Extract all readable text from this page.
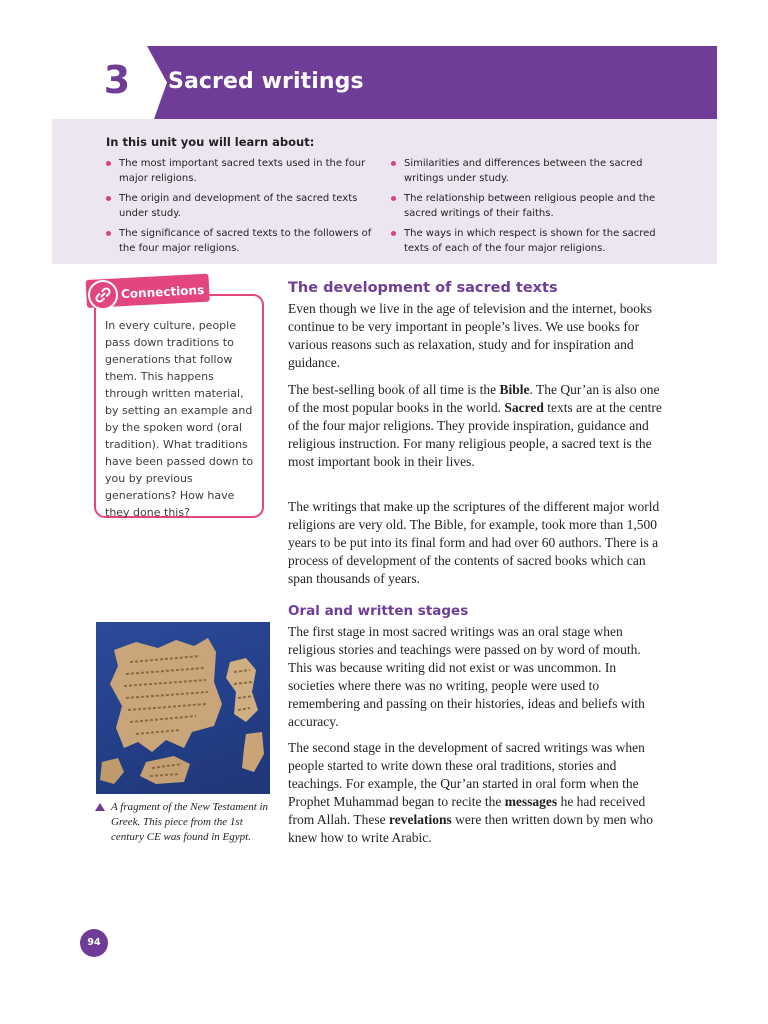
3	Sacred writings
In this unit you will learn about:
The most important sacred texts used in the four major religions.
The origin and development of the sacred texts under study.
The significance of sacred texts to the followers of the four major religions.
Similarities and differences between the sacred writings under study.
The relationship between religious people and the sacred writings of their faiths.
The ways in which respect is shown for the sacred texts of each of the four major religions.
Connections
In every culture, people pass down traditions to generations that follow them. This happens through written material, by setting an example and by the spoken word (oral tradition). What traditions have been passed down to you by previous generations? How have they done this?
The development of sacred texts

Even though we live in the age of television and the internet, books continue to be very important in people’s lives. We use books for various reasons such as relaxation, study and for inspiration and guidance.

The best-selling book of all time is the Bible. The Qur’an is also one of the most popular books in the world. Sacred texts are at the centre of the four major religions. They provide inspiration, guidance and religious instruction. For many religious people, a sacred text is the most important book in their lives.

The writings that make up the scriptures of the different major world religions are very old. The Bible, for example, took more than 1,500 years to be put into its final form and had over 60 authors. There is a process of development of the contents of sacred books which can span thousands of years.

Oral and written stages

The first stage in most sacred writings was an oral stage when religious stories and teachings were passed on by word of mouth. This was because writing did not exist or was uncommon. In societies where there was no writing, people were used to remembering and passing on their histories, ideas and beliefs with accuracy.

The second stage in the development of sacred writings was when people started to write down these oral traditions, stories and teachings. For example, the Qur’an started in oral form when the Prophet Muhammad began to recite the messages he had received from Allah. These revelations were then written down by men who knew how to write Arabic.

A fragment of the New Testament in Greek. This piece from the 1st century CE was found in Egypt.
94
